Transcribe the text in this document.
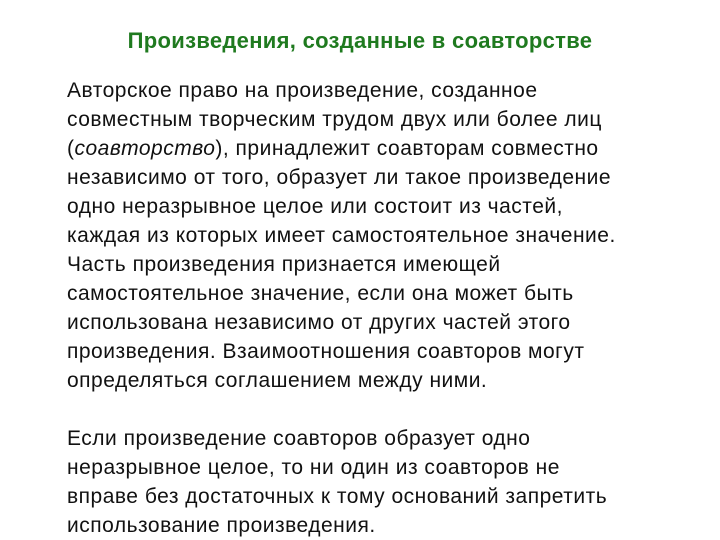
Произведения, созданные в соавторстве

Авторское право на произведение, созданное
совместным творческим трудом двух или более лиц
(соавторство), принадлежит соавторам совместно
независимо от того, образует ли такое произведение
одно неразрывное целое или состоит из частей,
каждая из которых имеет самостоятельное значение.

Часть произведения признается имеющей
самостоятельное значение, если она может быть
использована независимо от других частей этого
произведения. Взаимоотношения соавторов могут
определяться соглашением между ними.

Если произведение соавторов образует одно
неразрывное целое, то ни один из соавторов не
вправе без достаточных к тому оснований запретить
использование произведения.
